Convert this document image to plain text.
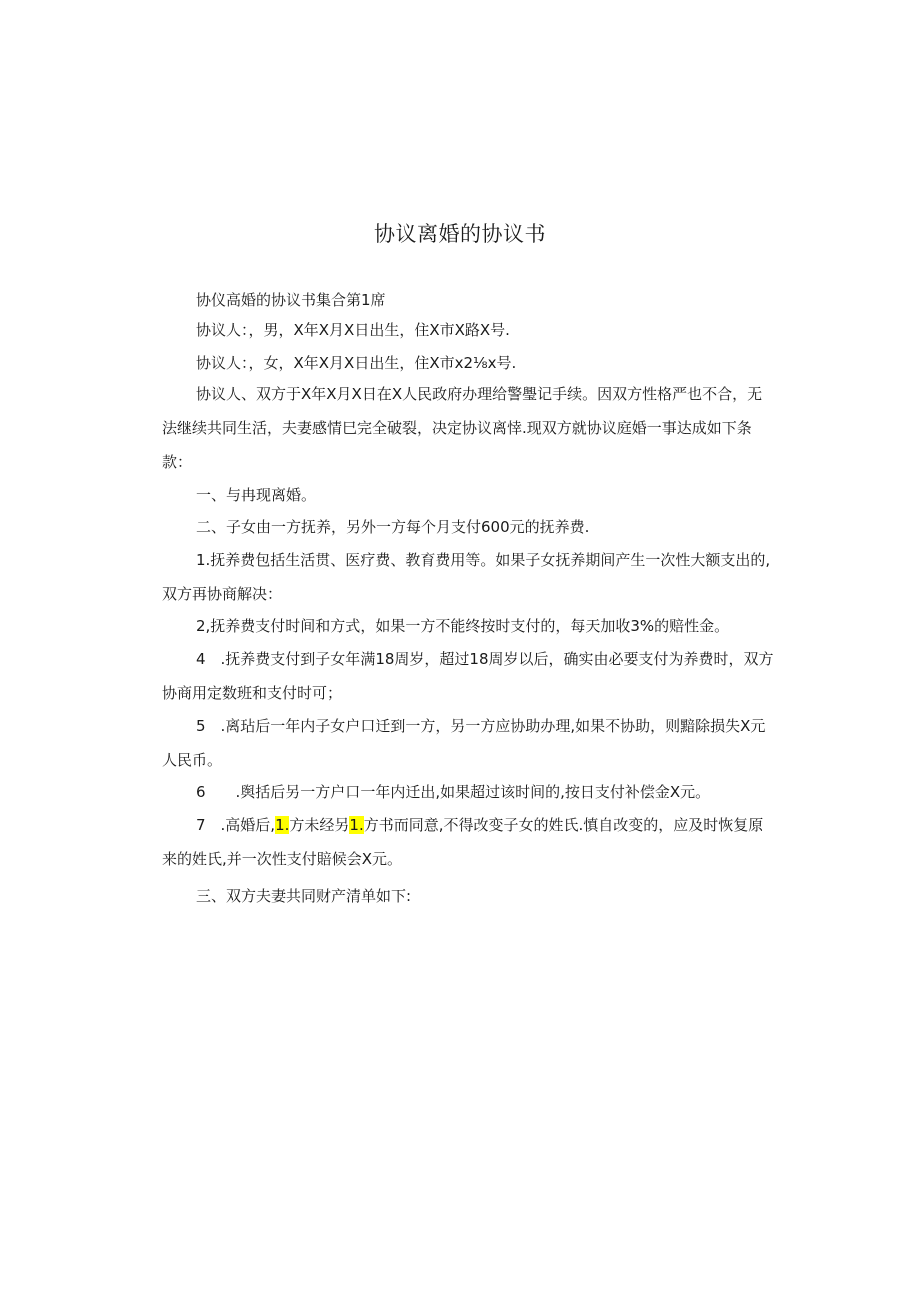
协议离婚的协议书

协仪高婚的协议书集合第1席

协议人：，男，X年X月X日出生，住X市X路X号.

协议人：，女，X年X月X日出生，住X市x2⅛x号.

协议人、双方于X年X月X日在X人民政府办理给警璺记手续。因双方性格严也不合，无法继续共同生活，夫妻感情巳完全破裂，决定协议离悻.现双方就协议庭婚一事达成如下条款：

一、与冉现离婚。

二、子女由一方抚养，另外一方每个月支付600元的抚养费.

1.抚养费包括生活贯、医疗费、教育费用等。如果子女抚养期间产生一次性大额支出的,双方再协商解决：

2,抚养费支付时间和方式，如果一方不能终按时支付的，每天加收3%的赔性金。

4　.抚养费支付到子女年满18周岁，超过18周岁以后，确实由必要支付为养费时，双方协商用定数班和支付时可；

5　.离玷后一年内子女户口迁到一方，另一方应协助办理,如果不协助，则黯除损失X元人民币。

6　　.舆括后另一方户口一年内迁出,如果超过该时间的,按日支付补偿金X元。

7　.高婚后,1.方未经另1.方书而同意,不得改变子女的姓氏.慎自改变的，应及时恢复原来的姓氏,并一次性支付賠候会X元。

三、双方夫妻共同财产清单如下:
